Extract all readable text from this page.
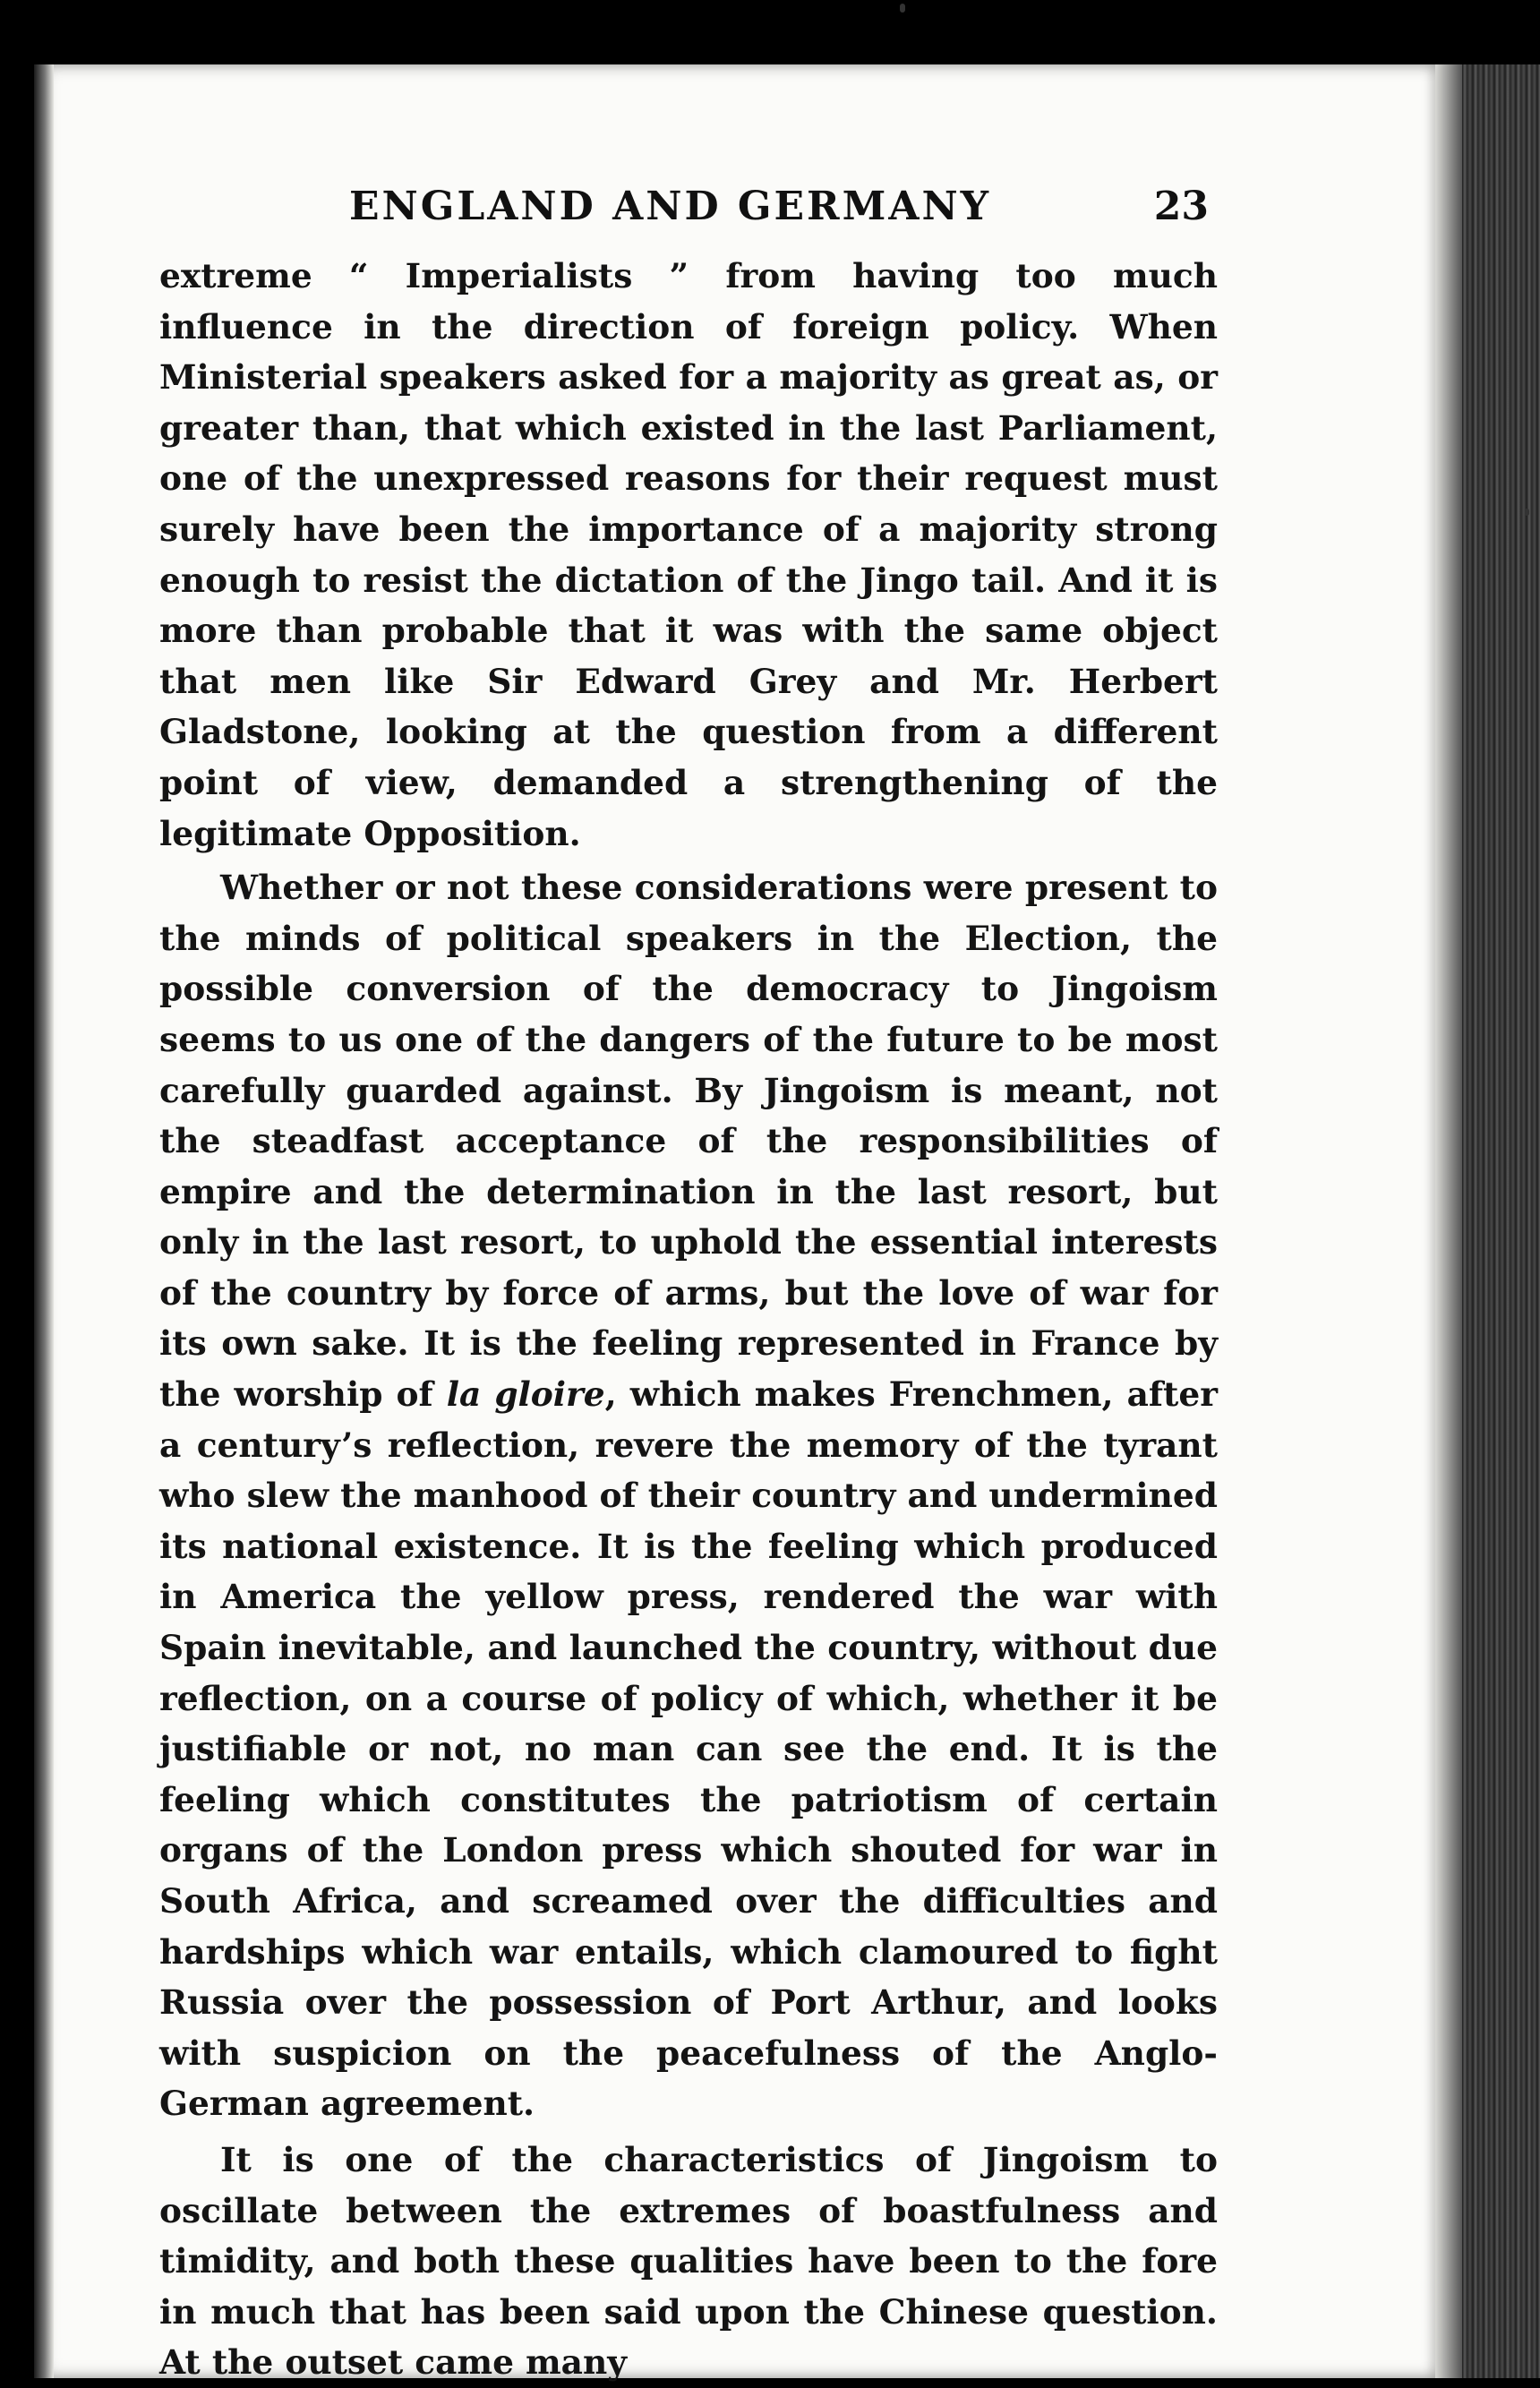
ENGLAND AND GERMANY	23

extreme “ Imperialists ” from having too much influence in the direction of foreign policy. When Ministerial speakers asked for a majority as great as, or greater than, that which existed in the last Parliament, one of the unexpressed reasons for their request must surely have been the importance of a majority strong enough to resist the dictation of the Jingo tail. And it is more than probable that it was with the same object that men like Sir Edward Grey and Mr. Herbert Gladstone, looking at the question from a different point of view, demanded a strengthening of the legitimate Opposition.

Whether or not these considerations were present to the minds of political speakers in the Election, the possible conversion of the democracy to Jingoism seems to us one of the dangers of the future to be most carefully guarded against. By Jingoism is meant, not the steadfast acceptance of the responsibilities of empire and the determination in the last resort, but only in the last resort, to uphold the essential interests of the country by force of arms, but the love of war for its own sake. It is the feeling represented in France by the worship of la gloire, which makes Frenchmen, after a century’s reflection, revere the memory of the tyrant who slew the manhood of their country and undermined its national existence. It is the feeling which produced in America the yellow press, rendered the war with Spain inevitable, and launched the country, without due reflection, on a course of policy of which, whether it be justifiable or not, no man can see the end. It is the feeling which constitutes the patriotism of certain organs of the London press which shouted for war in South Africa, and screamed over the difficulties and hardships which war entails, which clamoured to fight Russia over the possession of Port Arthur, and looks with suspicion on the peacefulness of the Anglo-German agreement.

It is one of the characteristics of Jingoism to oscillate between the extremes of boastfulness and timidity, and both these qualities have been to the fore in much that has been said upon the Chinese question. At the outset came many
